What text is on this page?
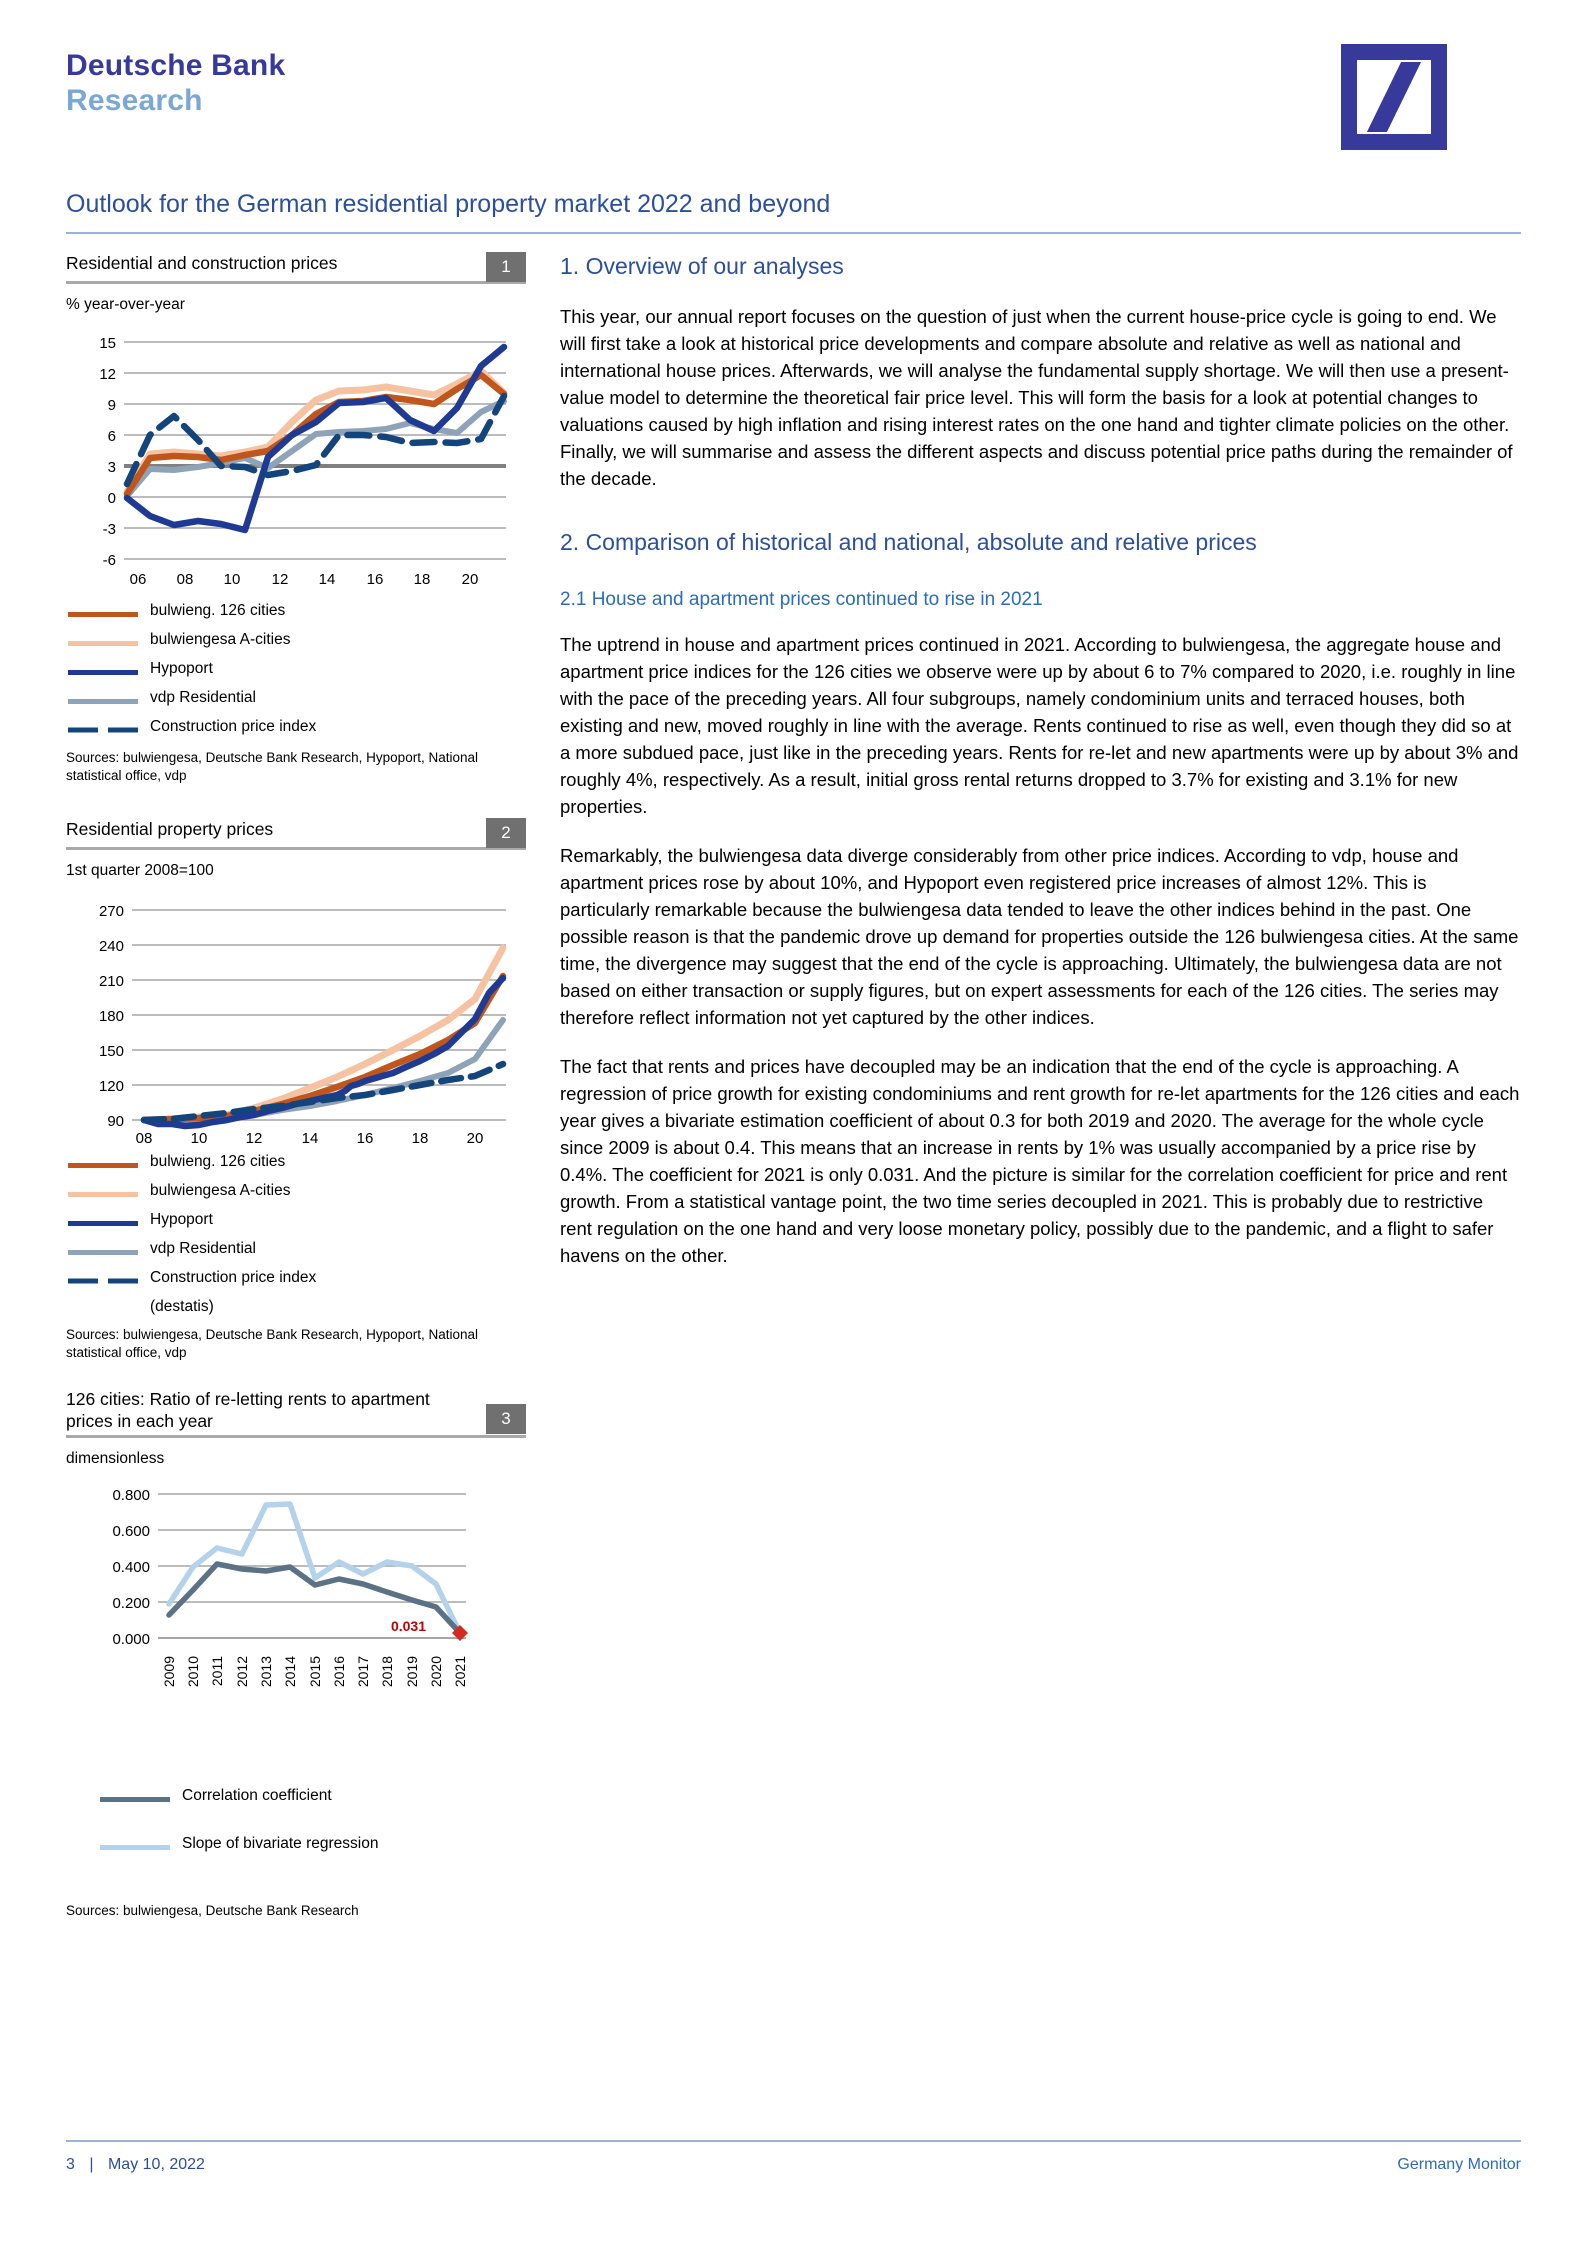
Deutsche Bank
Research
Outlook for the German residential property market 2022 and beyond
Residential and construction prices	1
% year-over-year
15
12
9
6
3
0
-3
-6
06 08 10 12 14 16 18 20
bulwieng. 126 cities
bulwiengesa A-cities
Hypoport
vdp Residential
Construction price index
Sources: bulwiengesa, Deutsche Bank Research, Hypoport, National statistical office, vdp
Residential property prices	2
1st quarter 2008=100
270
240
210
180
150
120
90
08	10	12	14	16	18	20
bulwieng. 126 cities
bulwiengesa A-cities
Hypoport
vdp Residential
Construction price index
(destatis)
Sources: bulwiengesa, Deutsche Bank Research, Hypoport, National statistical office, vdp
126 cities: Ratio of re-letting rents to apartment prices in each year	3
dimensionless
0.800
0.600
0.400
0.200
0.000
0.031
2009 2010 2011 2012 2013 2014 2015 2016 2017 2018 2019 2020 2021
Correlation coefficient
Slope of bivariate regression
Sources: bulwiengesa, Deutsche Bank Research
1. Overview of our analyses

This year, our annual report focuses on the question of just when the current house-price cycle is going to end. We will first take a look at historical price developments and compare absolute and relative as well as national and international house prices. Afterwards, we will analyse the fundamental supply shortage. We will then use a present-value model to determine the theoretical fair price level. This will form the basis for a look at potential changes to valuations caused by high inflation and rising interest rates on the one hand and tighter climate policies on the other. Finally, we will summarise and assess the different aspects and discuss potential price paths during the remainder of the decade.

2. Comparison of historical and national, absolute and relative prices
2.1 House and apartment prices continued to rise in 2021

The uptrend in house and apartment prices continued in 2021. According to bulwiengesa, the aggregate house and apartment price indices for the 126 cities we observe were up by about 6 to 7% compared to 2020, i.e. roughly in line with the pace of the preceding years. All four subgroups, namely condominium units and terraced houses, both existing and new, moved roughly in line with the average. Rents continued to rise as well, even though they did so at a more subdued pace, just like in the preceding years. Rents for re-let and new apartments were up by about 3% and roughly 4%, respectively. As a result, initial gross rental returns dropped to 3.7% for existing and 3.1% for new properties.

Remarkably, the bulwiengesa data diverge considerably from other price indices. According to vdp, house and apartment prices rose by about 10%, and Hypoport even registered price increases of almost 12%. This is particularly remarkable because the bulwiengesa data tended to leave the other indices behind in the past. One possible reason is that the pandemic drove up demand for properties outside the 126 bulwiengesa cities. At the same time, the divergence may suggest that the end of the cycle is approaching. Ultimately, the bulwiengesa data are not based on either transaction or supply figures, but on expert assessments for each of the 126 cities. The series may therefore reflect information not yet captured by the other indices.

The fact that rents and prices have decoupled may be an indication that the end of the cycle is approaching. A regression of price growth for existing condominiums and rent growth for re-let apartments for the 126 cities and each year gives a bivariate estimation coefficient of about 0.3 for both 2019 and 2020. The average for the whole cycle since 2009 is about 0.4. This means that an increase in rents by 1% was usually accompanied by a price rise by 0.4%. The coefficient for 2021 is only 0.031. And the picture is similar for the correlation coefficient for price and rent growth. From a statistical vantage point, the two time series decoupled in 2021. This is probably due to restrictive rent regulation on the one hand and very loose monetary policy, possibly due to the pandemic, and a flight to safer havens on the other.

3 | May 10, 2022	Germany Monitor
